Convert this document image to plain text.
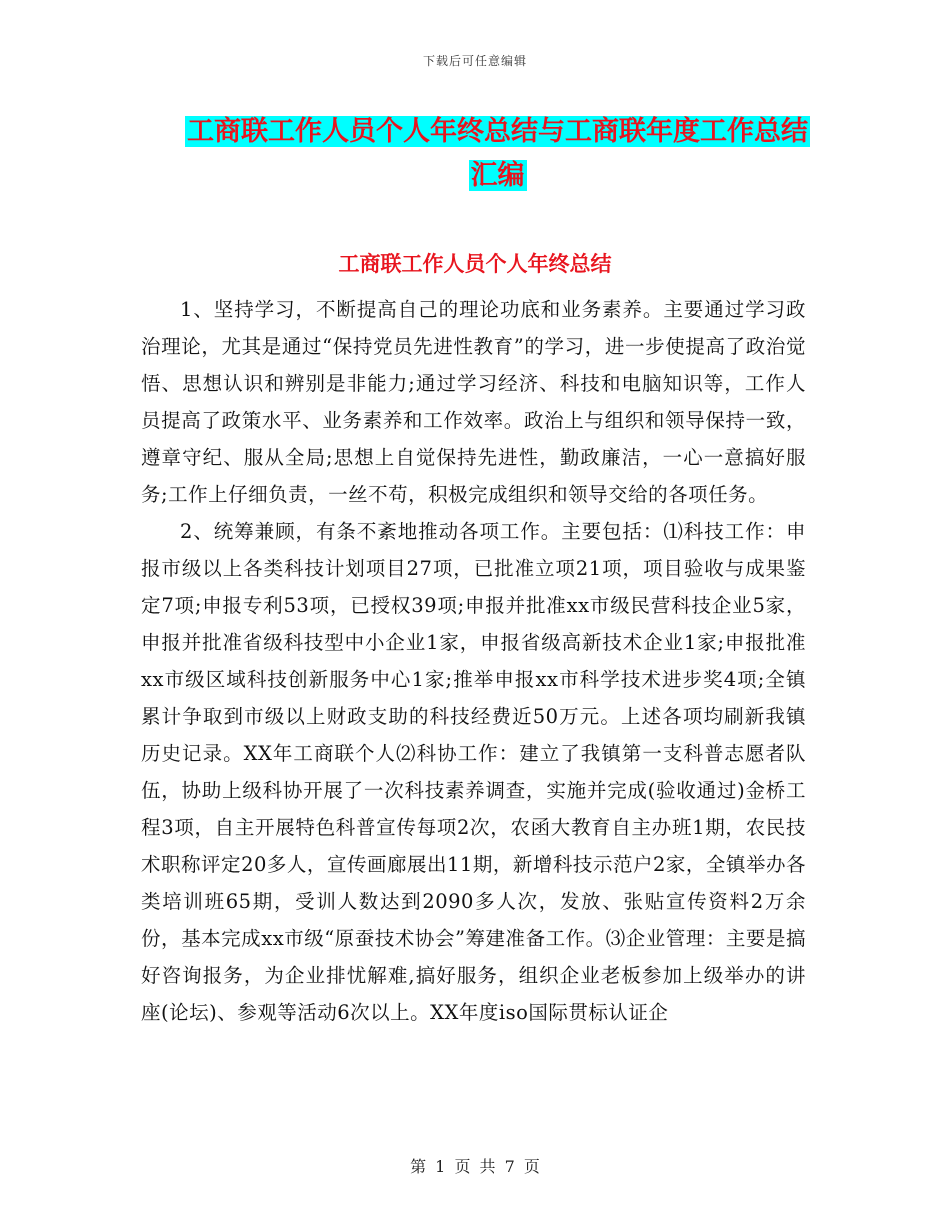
下载后可任意编辑
工商联工作人员个人年终总结与工商联年度工作总结
汇编
工商联工作人员个人年终总结

1、坚持学习，不断提高自己的理论功底和业务素养。主要通过学习政治理论，尤其是通过“保持党员先进性教育”的学习，进一步使提高了政治觉悟、思想认识和辨别是非能力;通过学习经济、科技和电脑知识等，工作人员提高了政策水平、业务素养和工作效率。政治上与组织和领导保持一致，遵章守纪、服从全局;思想上自觉保持先进性，勤政廉洁，一心一意搞好服务;工作上仔细负责，一丝不苟，积极完成组织和领导交给的各项任务。

2、统筹兼顾，有条不紊地推动各项工作。主要包括：⑴科技工作：申报市级以上各类科技计划项目27项，已批准立项21项，项目验收与成果鉴定7项;申报专利53项，已授权39项;申报并批准xx市级民营科技企业5家，申报并批准省级科技型中小企业1家，申报省级高新技术企业1家;申报批准xx市级区域科技创新服务中心1家;推举申报xx市科学技术进步奖4项;全镇累计争取到市级以上财政支助的科技经费近50万元。上述各项均刷新我镇历史记录。XX年工商联个人⑵科协工作：建立了我镇第一支科普志愿者队伍，协助上级科协开展了一次科技素养调查，实施并完成(验收通过)金桥工程3项，自主开展特色科普宣传每项2次，农函大教育自主办班1期，农民技术职称评定20多人，宣传画廊展出11期，新增科技示范户2家，全镇举办各类培训班65期，受训人数达到2090多人次，发放、张贴宣传资料2万余份，基本完成xx市级“原蚕技术协会”筹建准备工作。⑶企业管理：主要是搞好咨询报务，为企业排忧解难,搞好服务，组织企业老板参加上级举办的讲座(论坛)、参观等活动6次以上。XX年度iso国际贯标认证企

第 1 页 共 7 页
